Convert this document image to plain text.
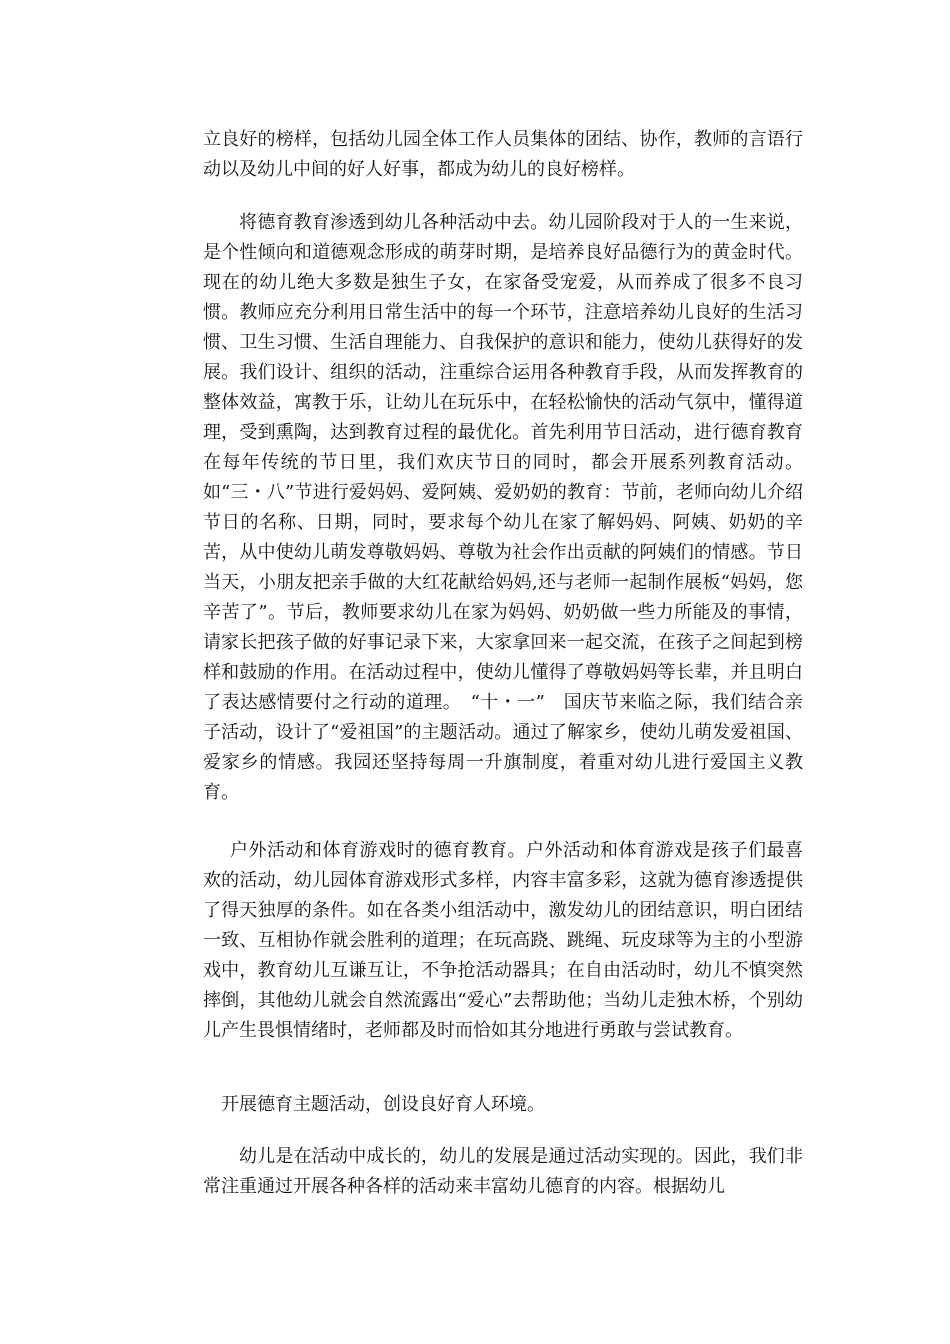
立良好的榜样，包括幼儿园全体工作人员集体的团结、协作，教师的言语行动以及幼儿中间的好人好事，都成为幼儿的良好榜样。

将德育教育渗透到幼儿各种活动中去。幼儿园阶段对于人的一生来说，是个性倾向和道德观念形成的萌芽时期，是培养良好品德行为的黄金时代。现在的幼儿绝大多数是独生子女，在家备受宠爱，从而养成了很多不良习惯。教师应充分利用日常生活中的每一个环节，注意培养幼儿良好的生活习惯、卫生习惯、生活自理能力、自我保护的意识和能力，使幼儿获得好的发展。我们设计、组织的活动，注重综合运用各种教育手段，从而发挥教育的整体效益，寓教于乐，让幼儿在玩乐中，在轻松愉快的活动气氛中，懂得道理，受到熏陶，达到教育过程的最优化。首先利用节日活动，进行德育教育　在每年传统的节日里，我们欢庆节日的同时，都会开展系列教育活动。如“三・八”节进行爱妈妈、爱阿姨、爱奶奶的教育：节前，老师向幼儿介绍节日的名称、日期，同时，要求每个幼儿在家了解妈妈、阿姨、奶奶的辛苦，从中使幼儿萌发尊敬妈妈、尊敬为社会作出贡献的阿姨们的情感。节日当天，小朋友把亲手做的大红花献给妈妈,还与老师一起制作展板“妈妈，您辛苦了”。节后，教师要求幼儿在家为妈妈、奶奶做一些力所能及的事情，请家长把孩子做的好事记录下来，大家拿回来一起交流，在孩子之间起到榜样和鼓励的作用。在活动过程中，使幼儿懂得了尊敬妈妈等长辈，并且明白了表达感情要付之行动的道理。　“十・一”　国庆节来临之际，我们结合亲子活动，设计了“爱祖国”的主题活动。通过了解家乡，使幼儿萌发爱祖国、爱家乡的情感。我园还坚持每周一升旗制度，着重对幼儿进行爱国主义教育。

户外活动和体育游戏时的德育教育。户外活动和体育游戏是孩子们最喜欢的活动，幼儿园体育游戏形式多样，内容丰富多彩，这就为德育渗透提供了得天独厚的条件。如在各类小组活动中，激发幼儿的团结意识，明白团结一致、互相协作就会胜利的道理；在玩高跷、跳绳、玩皮球等为主的小型游戏中，教育幼儿互谦互让，不争抢活动器具；在自由活动时，幼儿不慎突然摔倒，其他幼儿就会自然流露出“爱心”去帮助他；当幼儿走独木桥，个别幼儿产生畏惧情绪时，老师都及时而恰如其分地进行勇敢与尝试教育。

开展德育主题活动，创设良好育人环境。

幼儿是在活动中成长的，幼儿的发展是通过活动实现的。因此，我们非常注重通过开展各种各样的活动来丰富幼儿德育的内容。根据幼儿
